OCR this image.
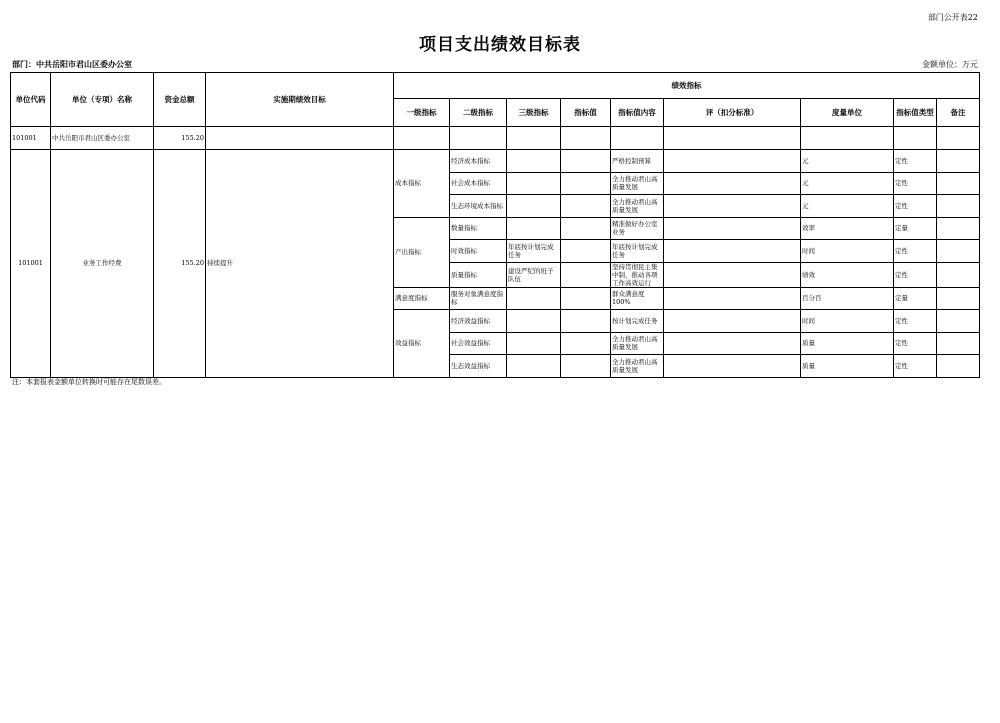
部门公开表22
项目支出绩效目标表
部门：中共岳阳市君山区委办公室	金额单位：万元
单位代码	单位（专项）名称	资金总额	实施期绩效目标	绩效指标								
				一级指标	二级指标	三级指标	指标值	指标值内容	评（扣分标准）	度量单位	指标值类型	备注
101001	中共岳阳市君山区委办公室	155.20										
101001	业务工作经费	155.20	持续提升	成本指标	经济成本指标			严格控制预算		元	定性	
					社会成本指标			全力推动君山高质量发展		元	定性	
					生态环境成本指标			全力推动君山高质量发展		元	定性	
				产出指标	数量指标			精准做好办公室业务		效率	定量	
					时效指标	年底按计划完成任务		年底按计划完成任务		时间	定性	
					质量指标	建设严纪的班子队伍		坚持贯彻民主集中制，推动各项工作高效运行		绩效	定性	
				满意度指标	服务对象满意度指标			群众满意度100%		百分百	定量	
				效益指标	经济效益指标			按计划完成任务		时间	定性	
					社会效益指标			全力推动君山高质量发展		质量	定性	
					生态效益指标			全力推动君山高质量发展		质量	定性	
注：本套报表金额单位转换时可能存在尾数误差。
